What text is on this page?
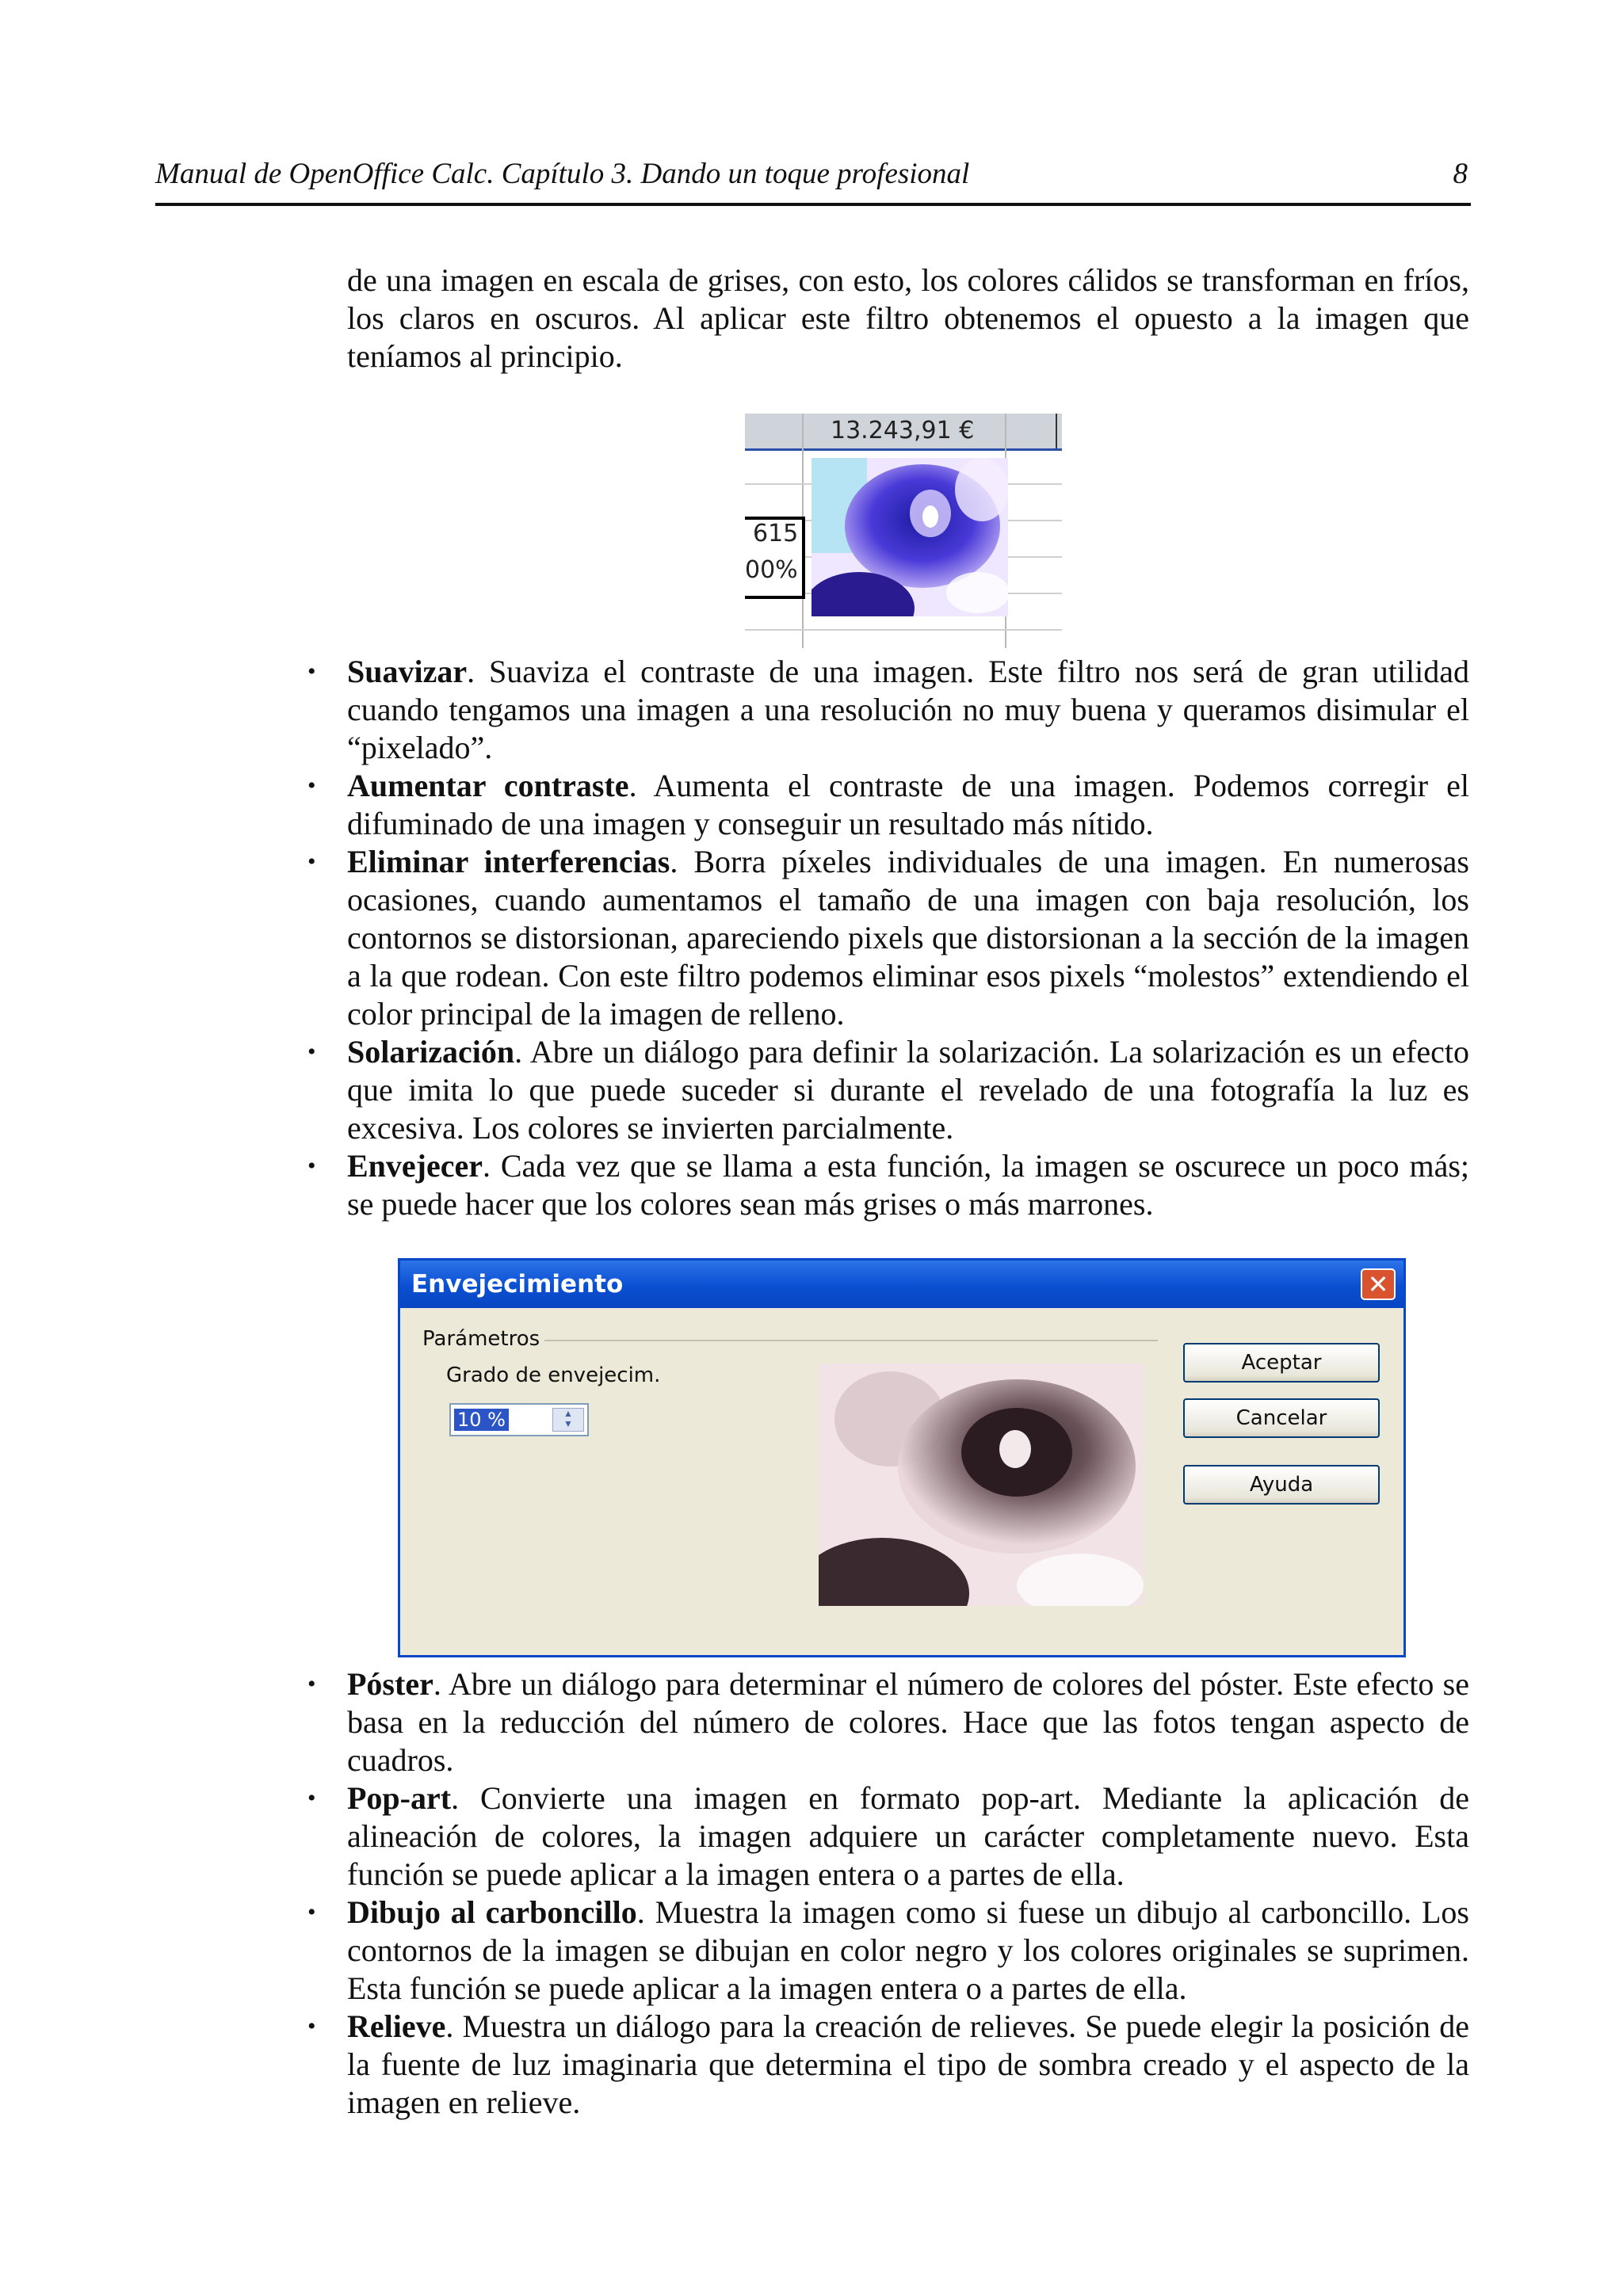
Manual de OpenOffice Calc. Capítulo 3. Dando un toque profesional	8

de una imagen en escala de grises, con esto, los colores cálidos se transforman en fríos, los claros en oscuros. Al aplicar este filtro obtenemos el opuesto a la imagen que teníamos al principio.

13.243,91 €
615
00%
• Suavizar. Suaviza el contraste de una imagen. Este filtro nos será de gran utilidad cuando tengamos una imagen a una resolución no muy buena y queramos disimular el “pixelado”.
• Aumentar contraste. Aumenta el contraste de una imagen. Podemos corregir el difuminado de una imagen y conseguir un resultado más nítido.
• Eliminar interferencias. Borra píxeles individuales de una imagen. En numerosas ocasiones, cuando aumentamos el tamaño de una imagen con baja resolución, los contornos se distorsionan, apareciendo pixels que distorsionan a la sección de la imagen a la que rodean. Con este filtro podemos eliminar esos pixels “molestos” extendiendo el color principal de la imagen de relleno.
• Solarización. Abre un diálogo para definir la solarización. La solarización es un efecto que imita lo que puede suceder si durante el revelado de una fotografía la luz es excesiva. Los colores se invierten parcialmente.
• Envejecer. Cada vez que se llama a esta función, la imagen se oscurece un poco más; se puede hacer que los colores sean más grises o más marrones.
Envejecimiento	✕
Parámetros
Grado de envejecim.
10 %	▲
▼
Aceptar
Cancelar
Ayuda
• Póster. Abre un diálogo para determinar el número de colores del póster. Este efecto se basa en la reducción del número de colores. Hace que las fotos tengan aspecto de cuadros.
• Pop-art. Convierte una imagen en formato pop-art. Mediante la aplicación de alineación de colores, la imagen adquiere un carácter completamente nuevo. Esta función se puede aplicar a la imagen entera o a partes de ella.
• Dibujo al carboncillo. Muestra la imagen como si fuese un dibujo al carboncillo. Los contornos de la imagen se dibujan en color negro y los colores originales se suprimen. Esta función se puede aplicar a la imagen entera o a partes de ella.
• Relieve. Muestra un diálogo para la creación de relieves. Se puede elegir la posición de la fuente de luz imaginaria que determina el tipo de sombra creado y el aspecto de la imagen en relieve.
